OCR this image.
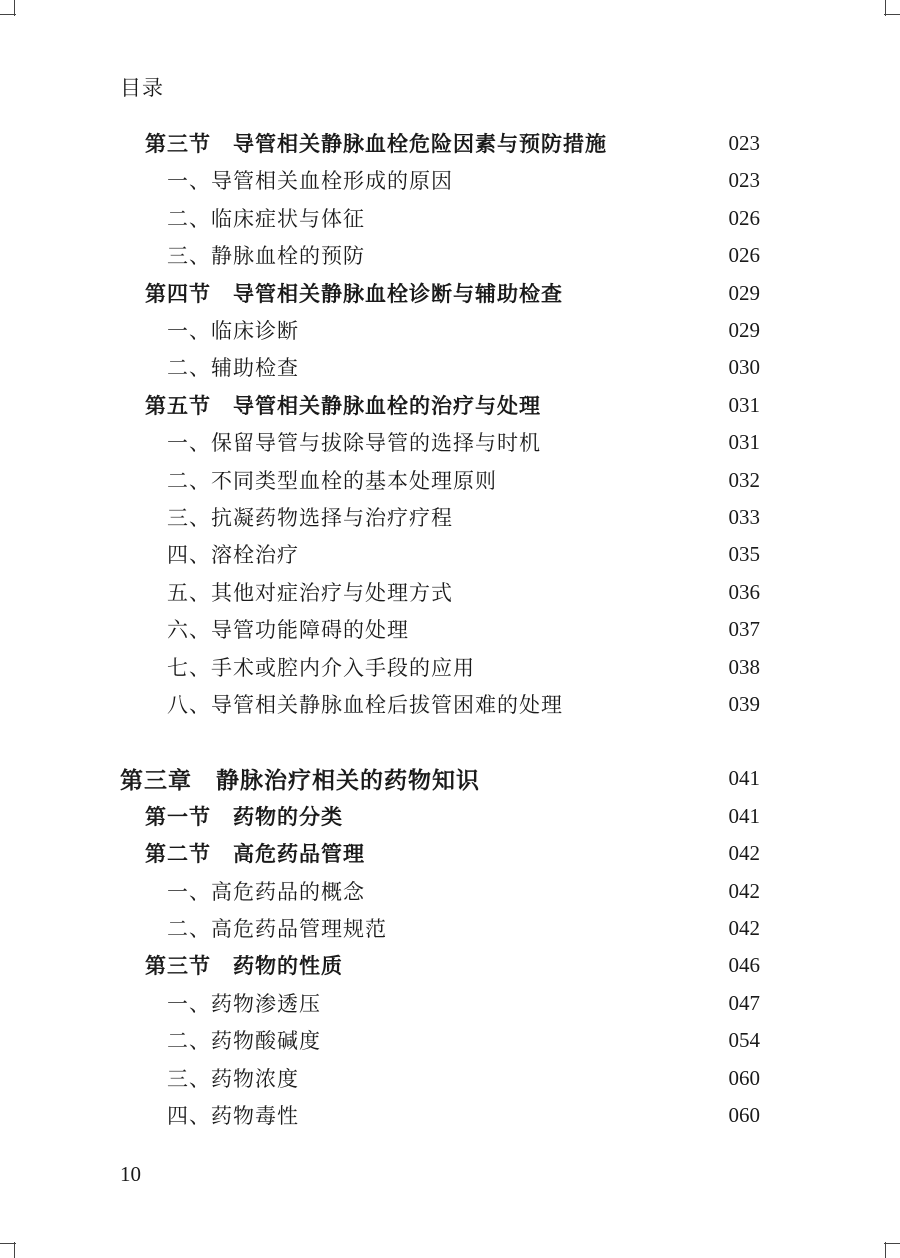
目录
第三节　导管相关静脉血栓危险因素与预防措施	023
一、导管相关血栓形成的原因	023
二、临床症状与体征	026
三、静脉血栓的预防	026
第四节　导管相关静脉血栓诊断与辅助检查	029
一、临床诊断	029
二、辅助检查	030
第五节　导管相关静脉血栓的治疗与处理	031
一、保留导管与拔除导管的选择与时机	031
二、不同类型血栓的基本处理原则	032
三、抗凝药物选择与治疗疗程	033
四、溶栓治疗	035
五、其他对症治疗与处理方式	036
六、导管功能障碍的处理	037
七、手术或腔内介入手段的应用	038
八、导管相关静脉血栓后拔管困难的处理	039
第三章　静脉治疗相关的药物知识	041
第一节　药物的分类	041
第二节　高危药品管理	042
一、高危药品的概念	042
二、高危药品管理规范	042
第三节　药物的性质	046
一、药物渗透压	047
二、药物酸碱度	054
三、药物浓度	060
四、药物毒性	060
10
